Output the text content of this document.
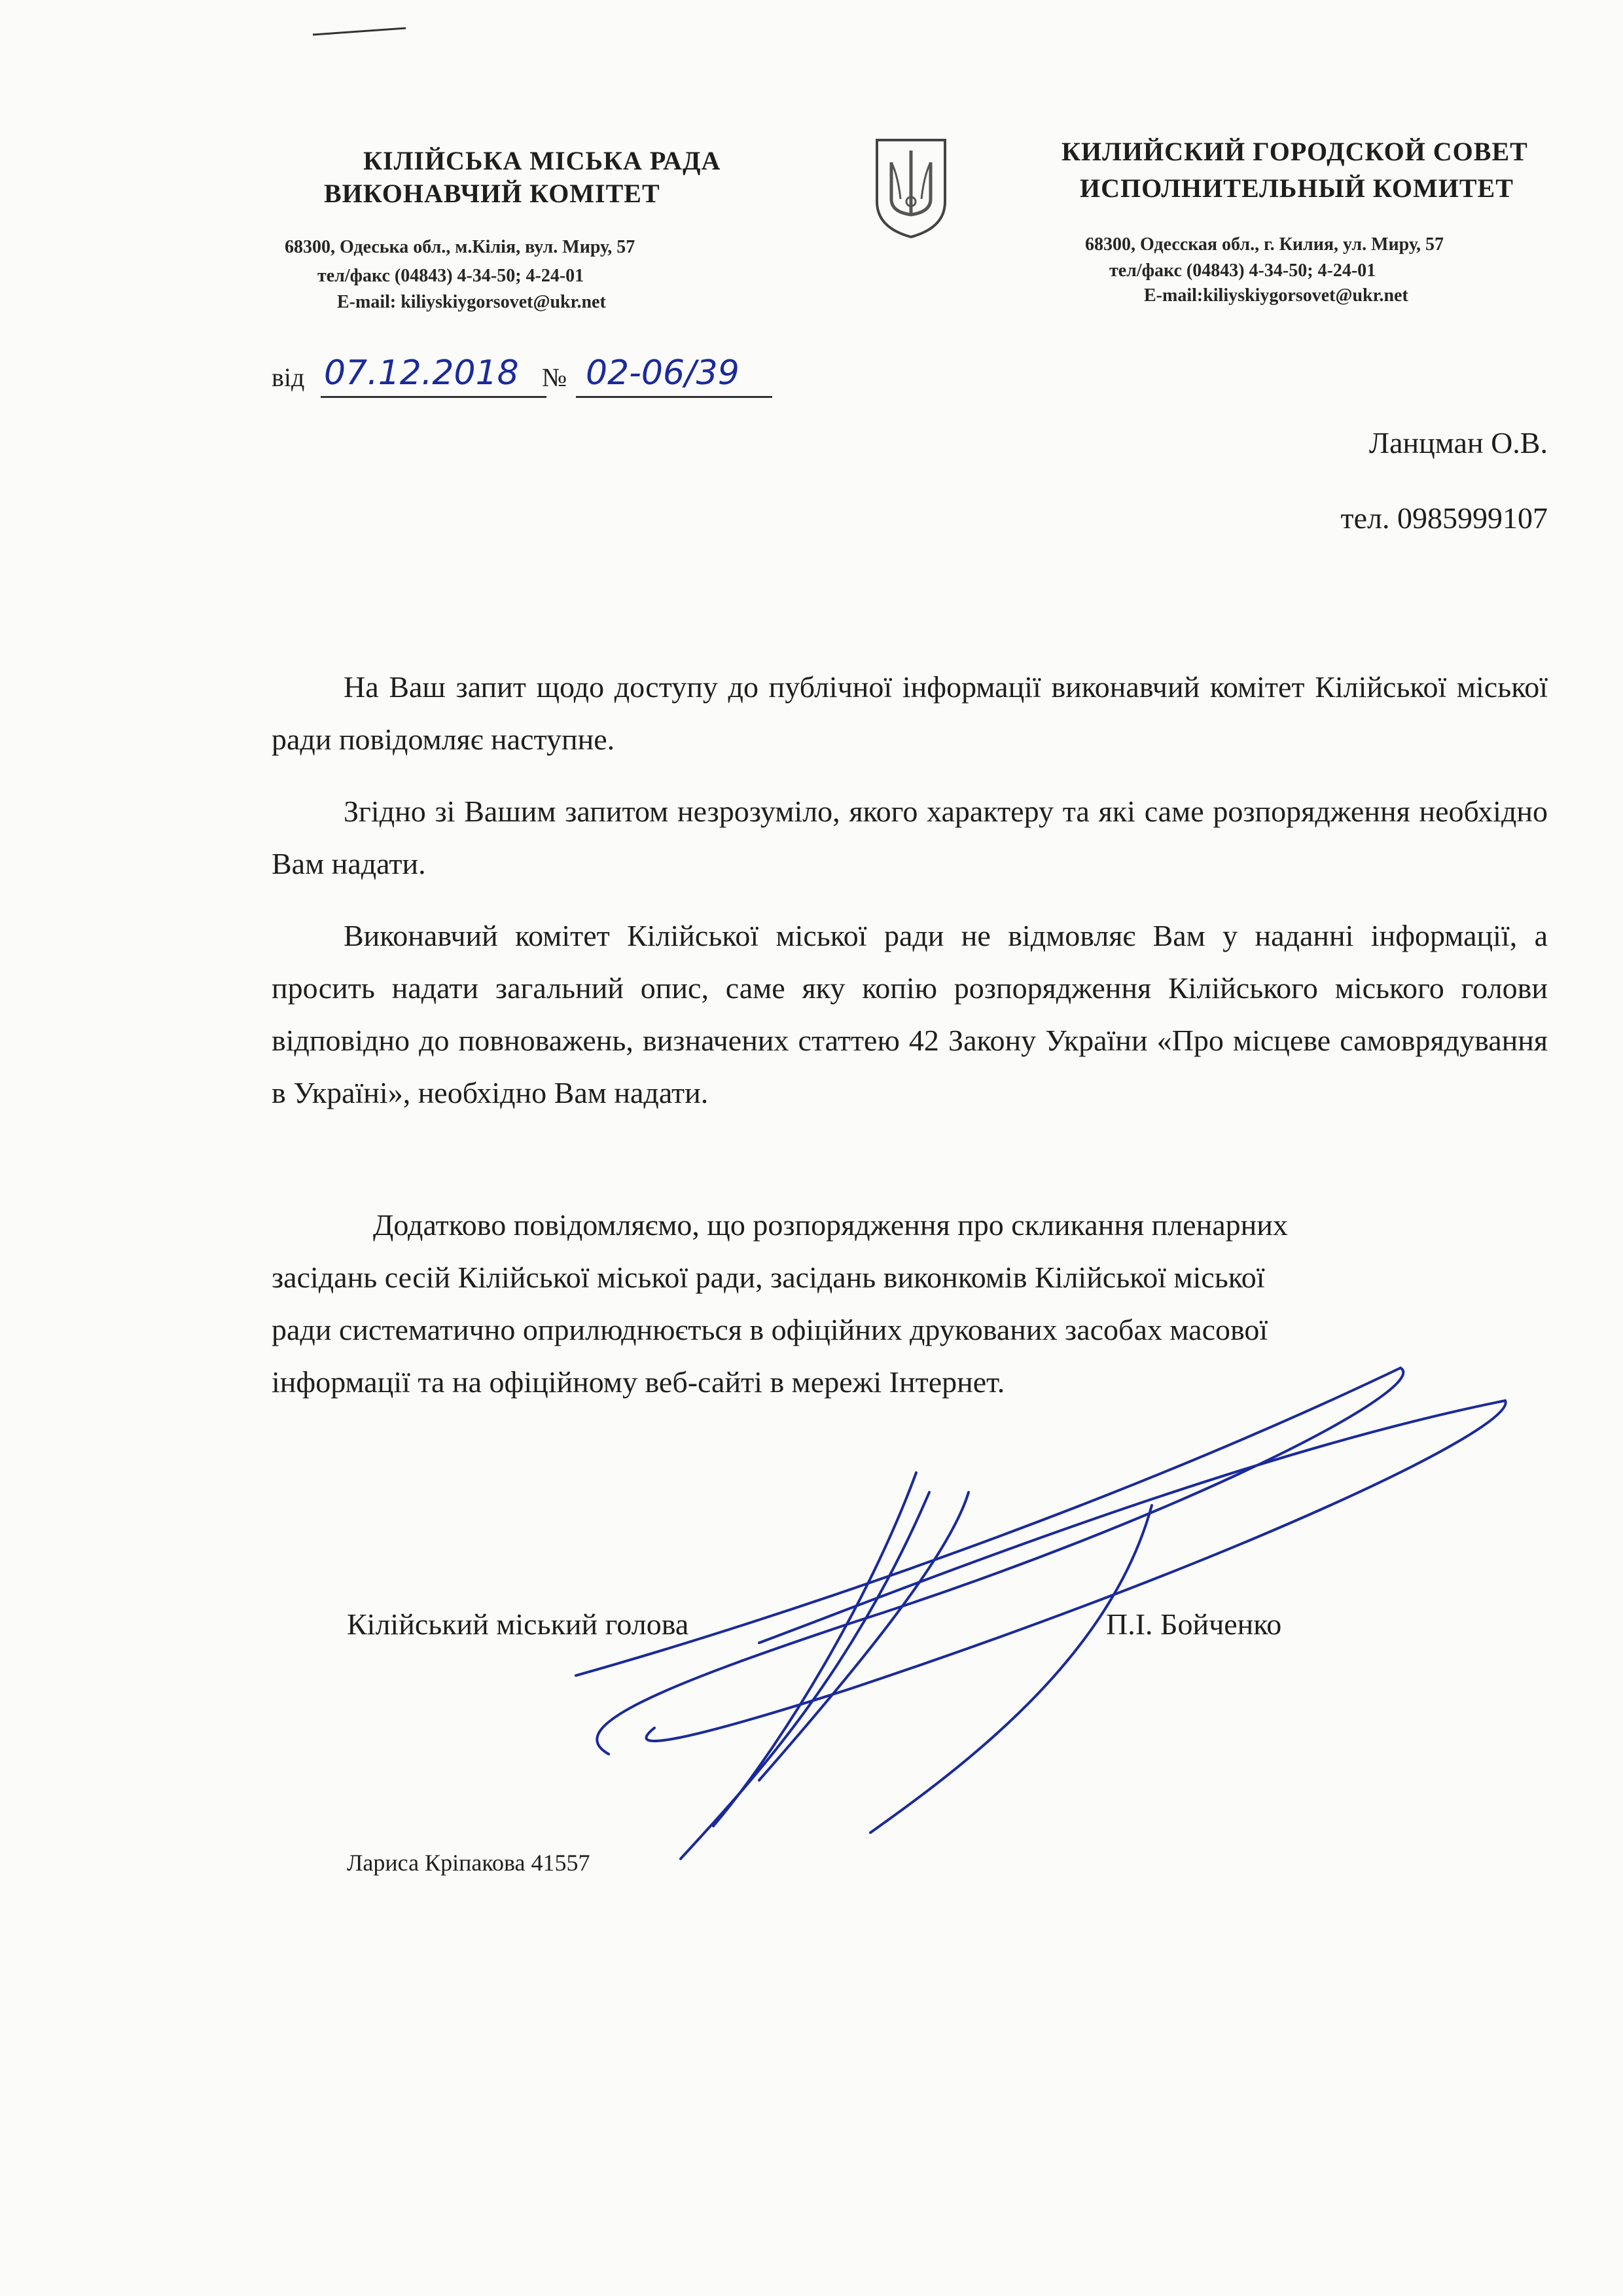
КІЛІЙСЬКА МІСЬКА РАДА
ВИКОНАВЧИЙ КОМІТЕТ
68300, Одеська обл., м.Кілія, вул. Миру, 57
тел/факс (04843) 4-34-50; 4-24-01
E-mail: kiliyskiygorsovet@ukr.net
КИЛИЙСКИЙ ГОРОДСКОЙ СОВЕТ
ИСПОЛНИТЕЛЬНЫЙ КОМИТЕТ
68300, Одесская обл., г. Килия, ул. Миру, 57
тел/факс (04843) 4-34-50; 4-24-01
E-mail:kiliyskiygorsovet@ukr.net
від 07.12.2018 № 02-06/39
Ланцман О.В.
тел. 0985999107
На Ваш запит щодо доступу до публічної інформації виконавчий комітет Кілійської міської ради повідомляє наступне.
Згідно зі Вашим запитом незрозуміло, якого характеру та які саме розпорядження необхідно Вам надати.
Виконавчий комітет Кілійської міської ради не відмовляє Вам у наданні інформації, а просить надати загальний опис, саме яку копію розпорядження Кілійського міського голови відповідно до повноважень, визначених статтею 42 Закону України «Про місцеве самоврядування в Україні», необхідно Вам надати.
Додатково повідомляємо, що розпорядження про скликання пленарних
засідань сесій Кілійської міської ради, засідань виконкомів Кілійської міської
ради систематично оприлюднюється в офіційних друкованих засобах масової
інформації та на офіційному веб-сайті в мережі Інтернет.
Кілійський міський голова	П.І. Бойченко
Лариса Кріпакова 41557
